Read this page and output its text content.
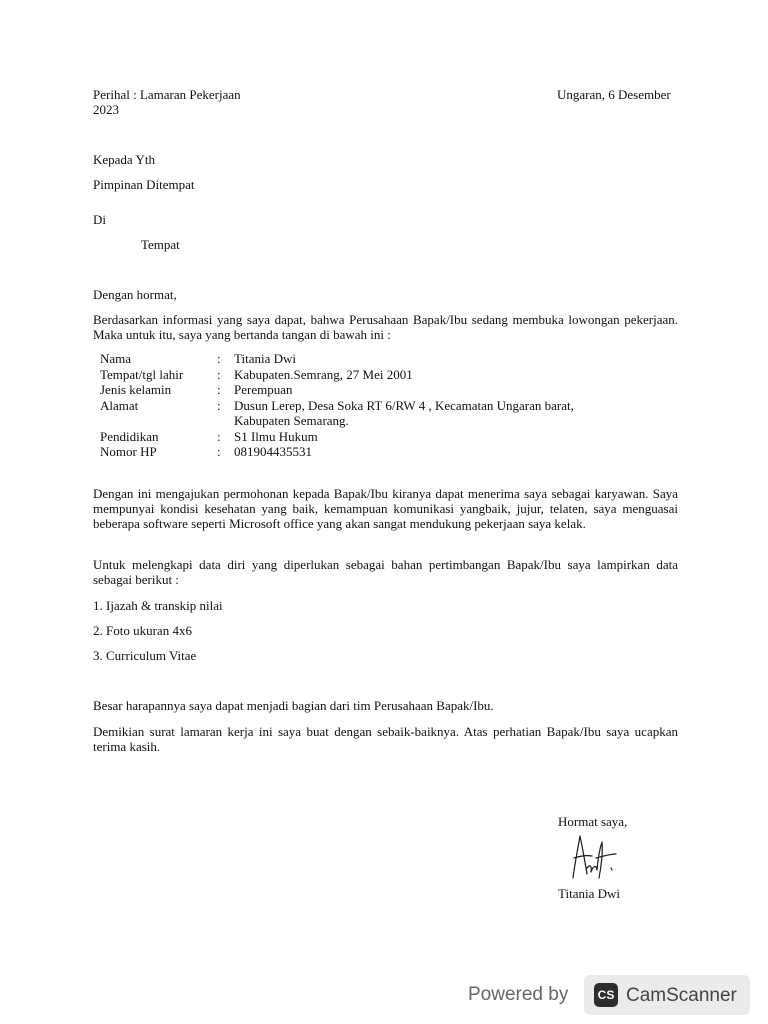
Perihal : Lamaran Pekerjaan	Ungaran, 6 Desember
2023
Kepada Yth
Pimpinan Ditempat
Di
Tempat
Dengan hormat,
Berdasarkan informasi yang saya dapat, bahwa Perusahaan Bapak/Ibu sedang membuka lowongan pekerjaan. Maka untuk itu, saya yang bertanda tangan di bawah ini :
Nama	: Titania Dwi
Tempat/tgl lahir	: Kabupaten.Semrang, 27 Mei 2001
Jenis kelamin	: Perempuan
Alamat	: Dusun Lerep, Desa Soka RT 6/RW 4 , Kecamatan Ungaran barat, Kabupaten Semarang.
Pendidikan	: S1 Ilmu Hukum
Nomor HP	: 081904435531
Dengan ini mengajukan permohonan kepada Bapak/Ibu kiranya dapat menerima saya sebagai karyawan. Saya mempunyai kondisi kesehatan yang baik, kemampuan komunikasi yangbaik, jujur, telaten, saya menguasai beberapa software seperti Microsoft office yang akan sangat mendukung pekerjaan saya kelak.
Untuk melengkapi data diri yang diperlukan sebagai bahan pertimbangan Bapak/Ibu saya lampirkan data sebagai berikut :
1. Ijazah & transkip nilai
2. Foto ukuran 4x6
3. Curriculum Vitae
Besar harapannya saya dapat menjadi bagian dari tim Perusahaan Bapak/Ibu.
Demikian surat lamaran kerja ini saya buat dengan sebaik-baiknya. Atas perhatian Bapak/Ibu saya ucapkan terima kasih.
Hormat saya,
Titania Dwi
Powered by	CS CamScanner
